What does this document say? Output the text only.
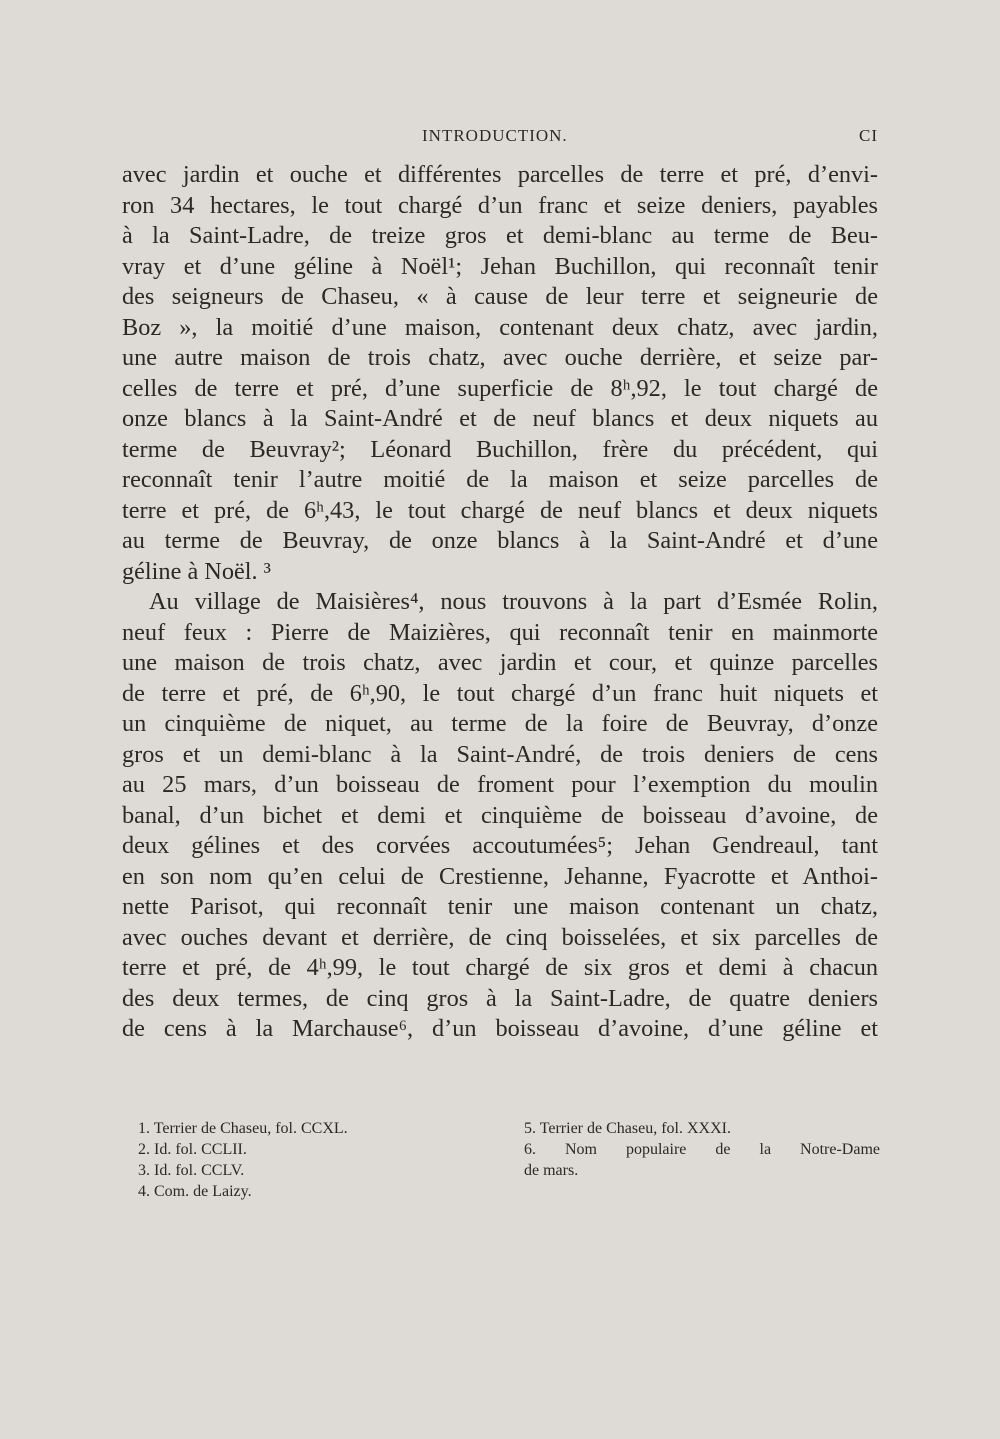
INTRODUCTION.	CI
avec jardin et ouche et différentes parcelles de terre et pré, d’envi-
ron 34 hectares, le tout chargé d’un franc et seize deniers, payables
à la Saint-Ladre, de treize gros et demi-blanc au terme de Beu-
vray et d’une géline à Noël¹; Jehan Buchillon, qui reconnaît tenir
des seigneurs de Chaseu, « à cause de leur terre et seigneurie de
Boz », la moitié d’une maison, contenant deux chatz, avec jardin,
une autre maison de trois chatz, avec ouche derrière, et seize par-
celles de terre et pré, d’une superficie de 8ʰ,92, le tout chargé de
onze blancs à la Saint-André et de neuf blancs et deux niquets au
terme de Beuvray²; Léonard Buchillon, frère du précédent, qui
reconnaît tenir l’autre moitié de la maison et seize parcelles de
terre et pré, de 6ʰ,43, le tout chargé de neuf blancs et deux niquets
au terme de Beuvray, de onze blancs à la Saint-André et d’une
géline à Noël. ³
Au village de Maisières⁴, nous trouvons à la part d’Esmée Rolin,
neuf feux : Pierre de Maizières, qui reconnaît tenir en mainmorte
une maison de trois chatz, avec jardin et cour, et quinze parcelles
de terre et pré, de 6ʰ,90, le tout chargé d’un franc huit niquets et
un cinquième de niquet, au terme de la foire de Beuvray, d’onze
gros et un demi-blanc à la Saint-André, de trois deniers de cens
au 25 mars, d’un boisseau de froment pour l’exemption du moulin
banal, d’un bichet et demi et cinquième de boisseau d’avoine, de
deux gélines et des corvées accoutumées⁵; Jehan Gendreaul, tant
en son nom qu’en celui de Crestienne, Jehanne, Fyacrotte et Anthoi-
nette Parisot, qui reconnaît tenir une maison contenant un chatz,
avec ouches devant et derrière, de cinq boisselées, et six parcelles de
terre et pré, de 4ʰ,99, le tout chargé de six gros et demi à chacun
des deux termes, de cinq gros à la Saint-Ladre, de quatre deniers
de cens à la Marchause⁶, d’un boisseau d’avoine, d’une géline et
1. Terrier de Chaseu, fol. CCXL.
2. Id. fol. CCLII.
3. Id. fol. CCLV.
4. Com. de Laizy.
5. Terrier de Chaseu, fol. XXXI.
6. Nom populaire de la Notre-Dame
de mars.
